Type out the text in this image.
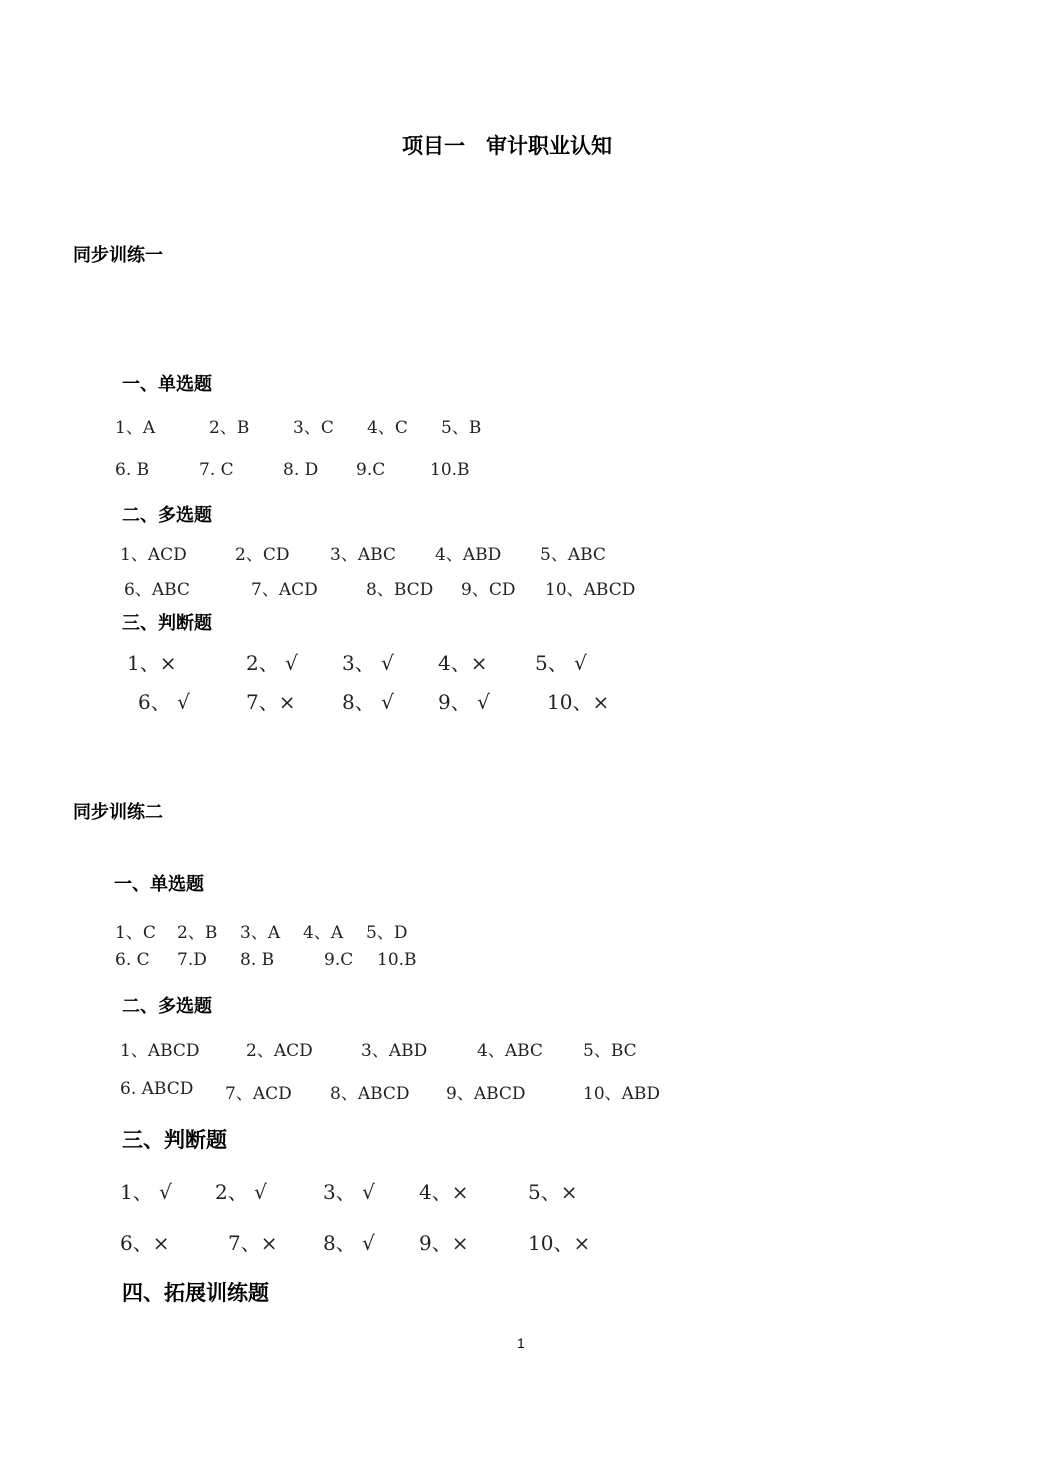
项目一　审计职业认知
同步训练一
一、单选题
1、A	2、B	3、C 4、C 5、B
6. B	7. C	8. D 9.C	10.B
二、多选题
1、ACD	2、CD 3、ABC 4、ABD 5、ABC
6、ABC	7、ACD	8、BCD 9、CD 10、ABCD
三、判断题
1、×	2、 √ 3、 √ 4、× 5、 √
6、 √	7、× 8、 √ 9、 √	10、×
同步训练二
一、单选题
1、C 2、B 3、A 4、A 5、D
6. C 7.D 8. B	9.C 10.B
二、多选题
1、ABCD	2、ACD	3、ABD	4、ABC 5、BC
6. ABCD 7、ACD 8、ABCD 9、ABCD	10、ABD
三、判断题
1、 √ 2、 √	3、 √ 4、×	5、×
6、×	7、× 8、 √ 9、×	10、×
四、拓展训练题
1
